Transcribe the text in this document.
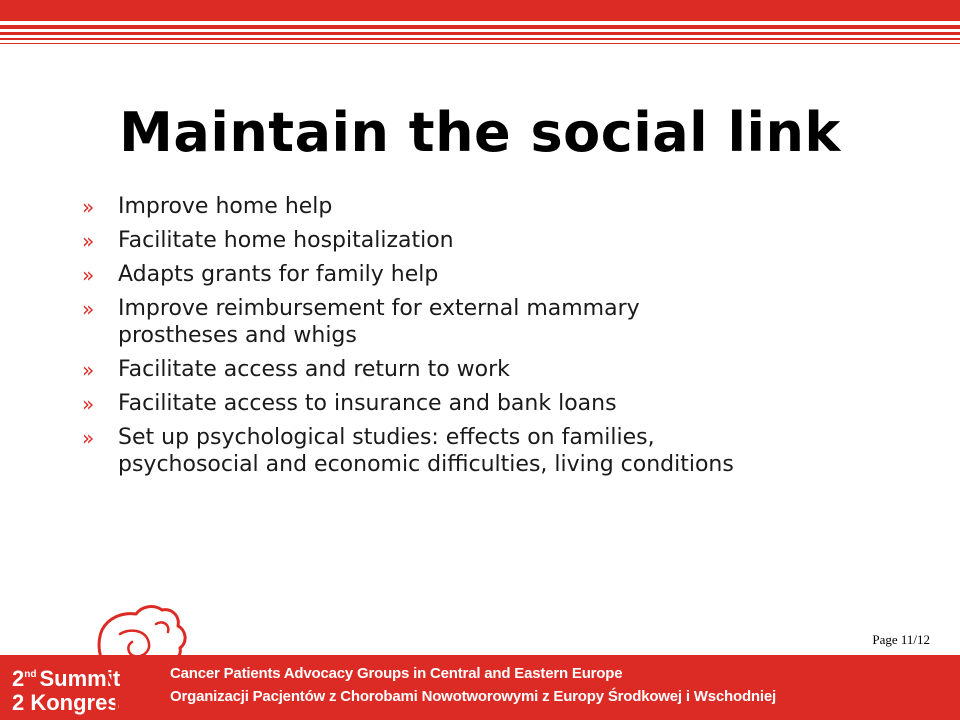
Maintain the social link
» Improve home help
» Facilitate home hospitalization
» Adapts grants for family help
» Improve reimbursement for external mammary
prostheses and whigs
» Facilitate access and return to work
» Facilitate access to insurance and bank loans
» Set up psychological studies: effects on families,
psychosocial and economic difficulties, living conditions
Page 11/12
2nd Summit
2 Kongres
Cancer Patients Advocacy Groups in Central and Eastern Europe
Organizacji Pacjentów z Chorobami Nowotworowymi z Europy Środkowej i Wschodniej
